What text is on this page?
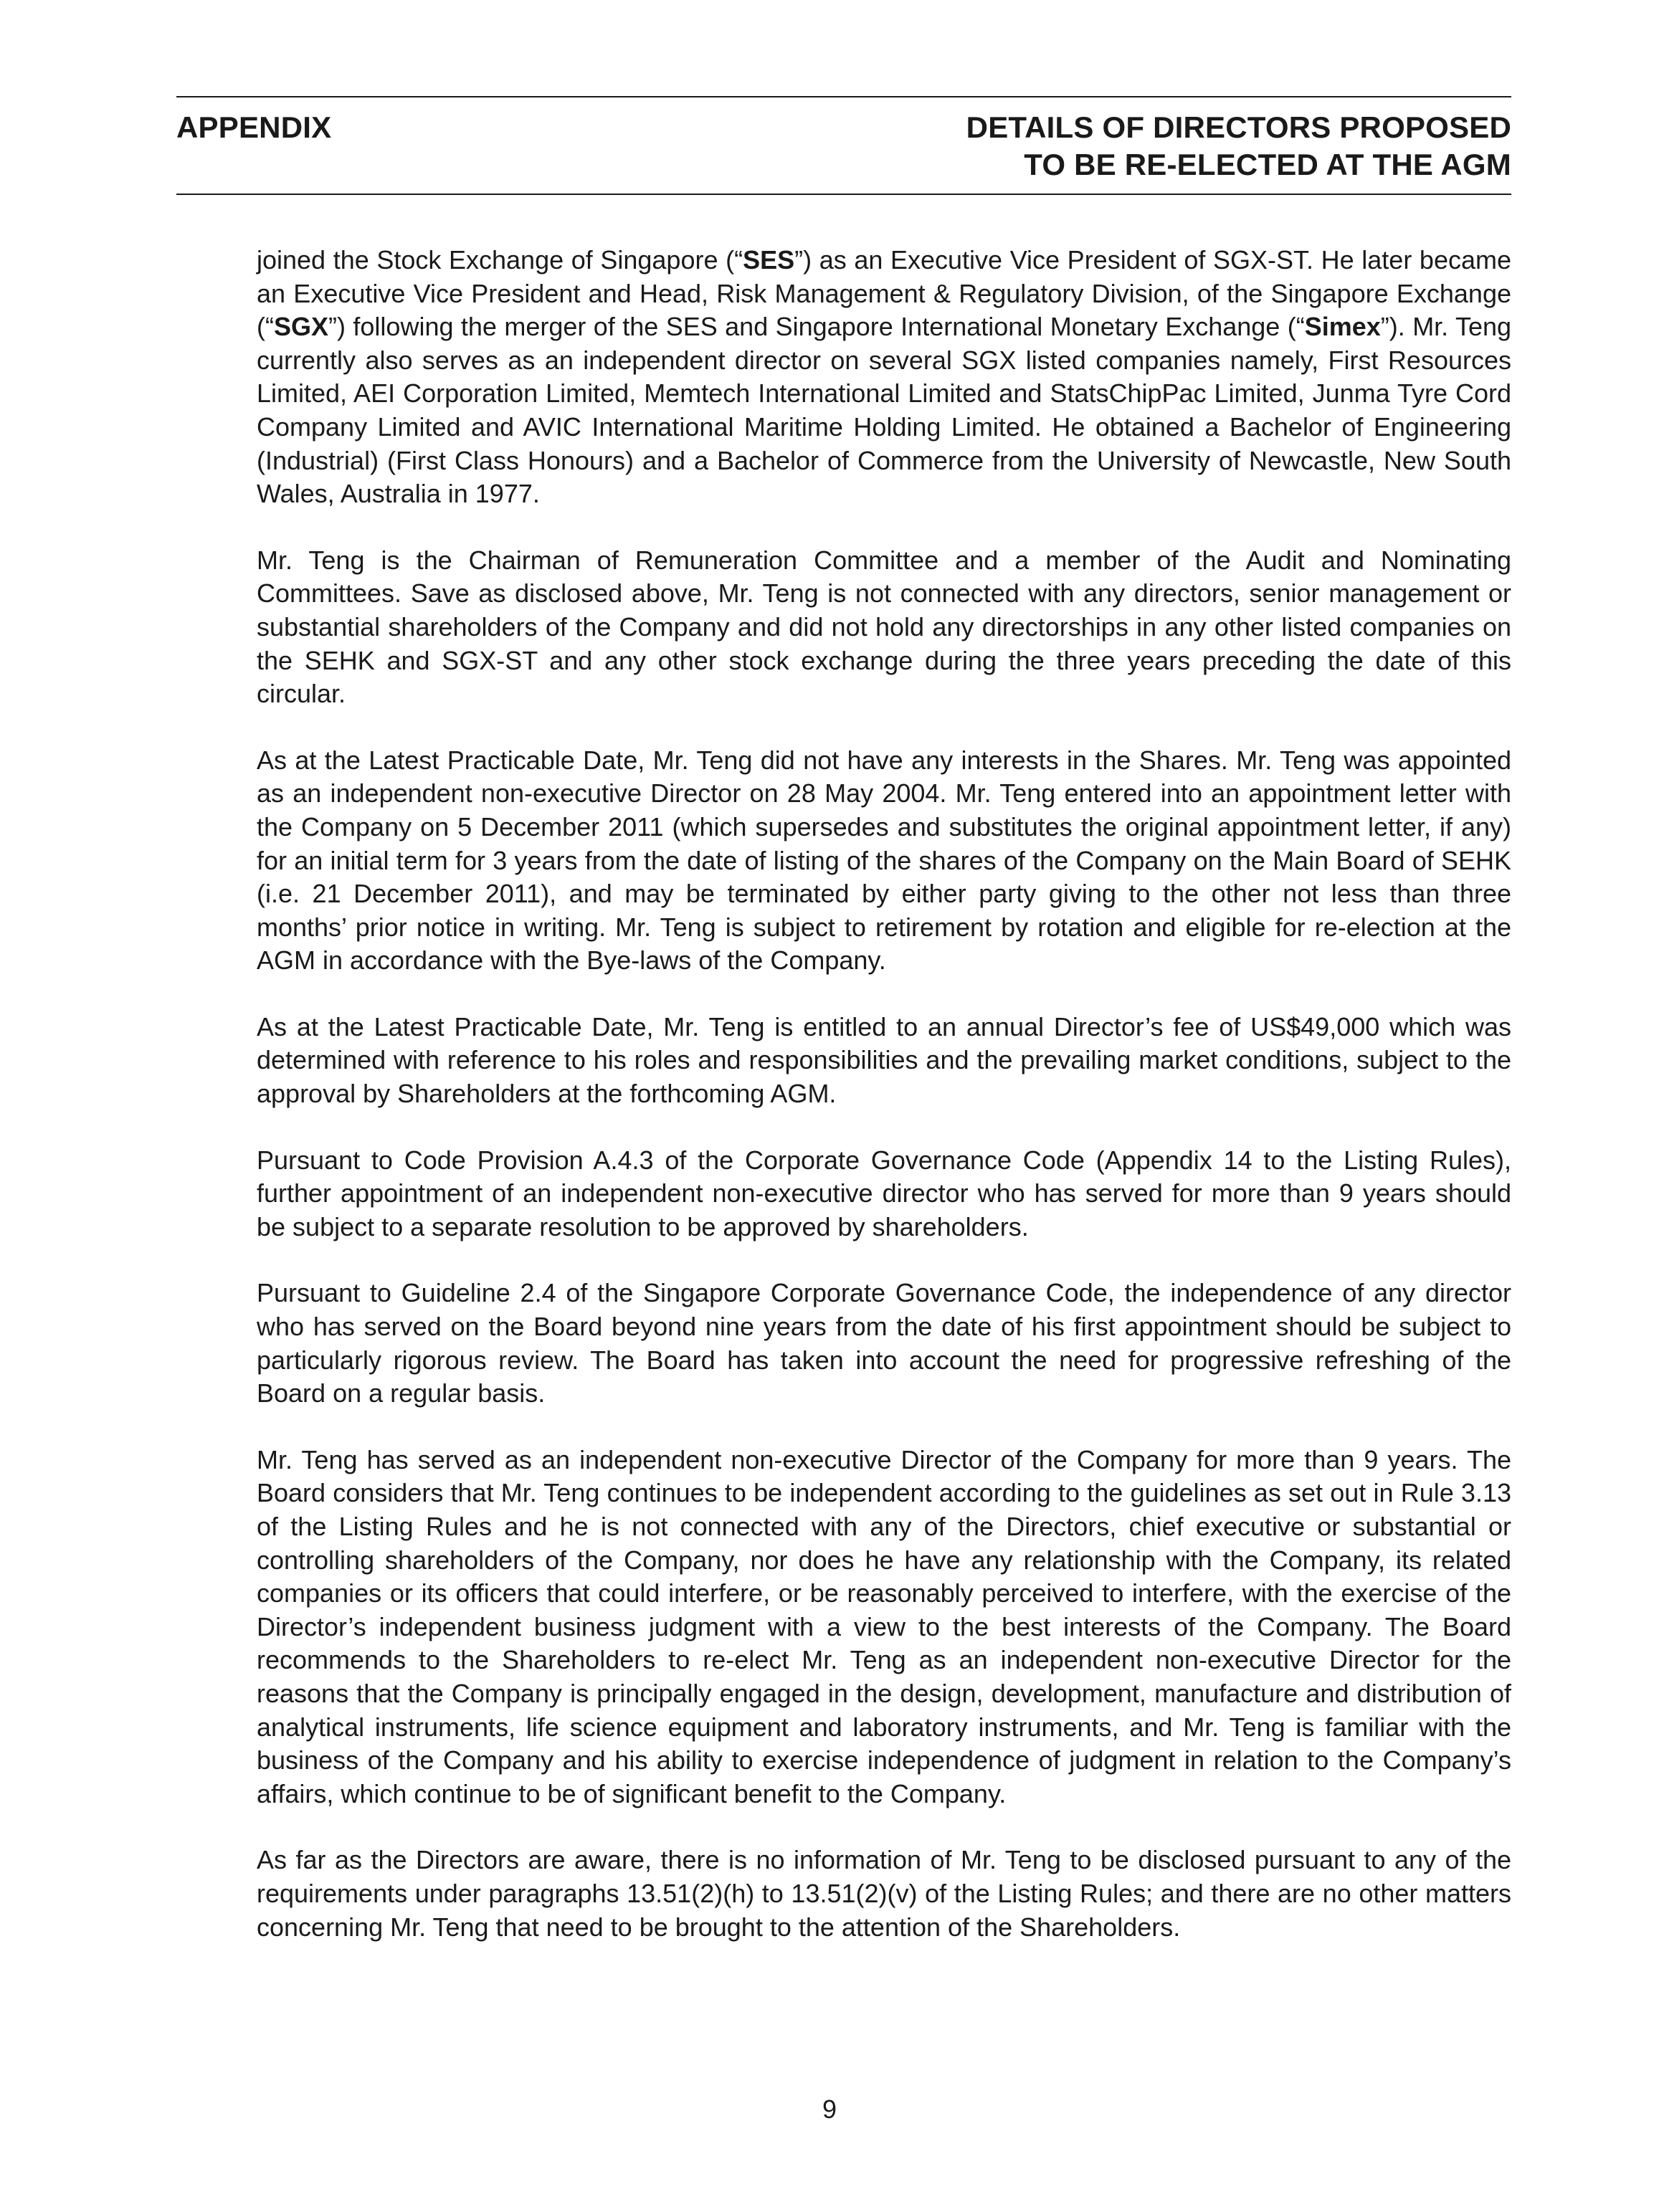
APPENDIX	DETAILS OF DIRECTORS PROPOSED
TO BE RE-ELECTED AT THE AGM

joined the Stock Exchange of Singapore (“SES”) as an Executive Vice President of SGX-ST. He later became an Executive Vice President and Head, Risk Management & Regulatory Division, of the Singapore Exchange (“SGX”) following the merger of the SES and Singapore International Monetary Exchange (“Simex”). Mr. Teng currently also serves as an independent director on several SGX listed companies namely, First Resources Limited, AEI Corporation Limited, Memtech International Limited and StatsChipPac Limited, Junma Tyre Cord Company Limited and AVIC International Maritime Holding Limited. He obtained a Bachelor of Engineering (Industrial) (First Class Honours) and a Bachelor of Commerce from the University of Newcastle, New South Wales, Australia in 1977.

Mr. Teng is the Chairman of Remuneration Committee and a member of the Audit and Nominating Committees. Save as disclosed above, Mr. Teng is not connected with any directors, senior management or substantial shareholders of the Company and did not hold any directorships in any other listed companies on the SEHK and SGX-ST and any other stock exchange during the three years preceding the date of this circular.

As at the Latest Practicable Date, Mr. Teng did not have any interests in the Shares. Mr. Teng was appointed as an independent non-executive Director on 28 May 2004. Mr. Teng entered into an appointment letter with the Company on 5 December 2011 (which supersedes and substitutes the original appointment letter, if any) for an initial term for 3 years from the date of listing of the shares of the Company on the Main Board of SEHK (i.e. 21 December 2011), and may be terminated by either party giving to the other not less than three months’ prior notice in writing. Mr. Teng is subject to retirement by rotation and eligible for re-election at the AGM in accordance with the Bye-laws of the Company.

As at the Latest Practicable Date, Mr. Teng is entitled to an annual Director’s fee of US$49,000 which was determined with reference to his roles and responsibilities and the prevailing market conditions, subject to the approval by Shareholders at the forthcoming AGM.

Pursuant to Code Provision A.4.3 of the Corporate Governance Code (Appendix 14 to the Listing Rules), further appointment of an independent non-executive director who has served for more than 9 years should be subject to a separate resolution to be approved by shareholders.

Pursuant to Guideline 2.4 of the Singapore Corporate Governance Code, the independence of any director who has served on the Board beyond nine years from the date of his first appointment should be subject to particularly rigorous review. The Board has taken into account the need for progressive refreshing of the Board on a regular basis.

Mr. Teng has served as an independent non-executive Director of the Company for more than 9 years. The Board considers that Mr. Teng continues to be independent according to the guidelines as set out in Rule 3.13 of the Listing Rules and he is not connected with any of the Directors, chief executive or substantial or controlling shareholders of the Company, nor does he have any relationship with the Company, its related companies or its officers that could interfere, or be reasonably perceived to interfere, with the exercise of the Director’s independent business judgment with a view to the best interests of the Company. The Board recommends to the Shareholders to re-elect Mr. Teng as an independent non-executive Director for the reasons that the Company is principally engaged in the design, development, manufacture and distribution of analytical instruments, life science equipment and laboratory instruments, and Mr. Teng is familiar with the business of the Company and his ability to exercise independence of judgment in relation to the Company’s affairs, which continue to be of significant benefit to the Company.

As far as the Directors are aware, there is no information of Mr. Teng to be disclosed pursuant to any of the requirements under paragraphs 13.51(2)(h) to 13.51(2)(v) of the Listing Rules; and there are no other matters concerning Mr. Teng that need to be brought to the attention of the Shareholders.

9
